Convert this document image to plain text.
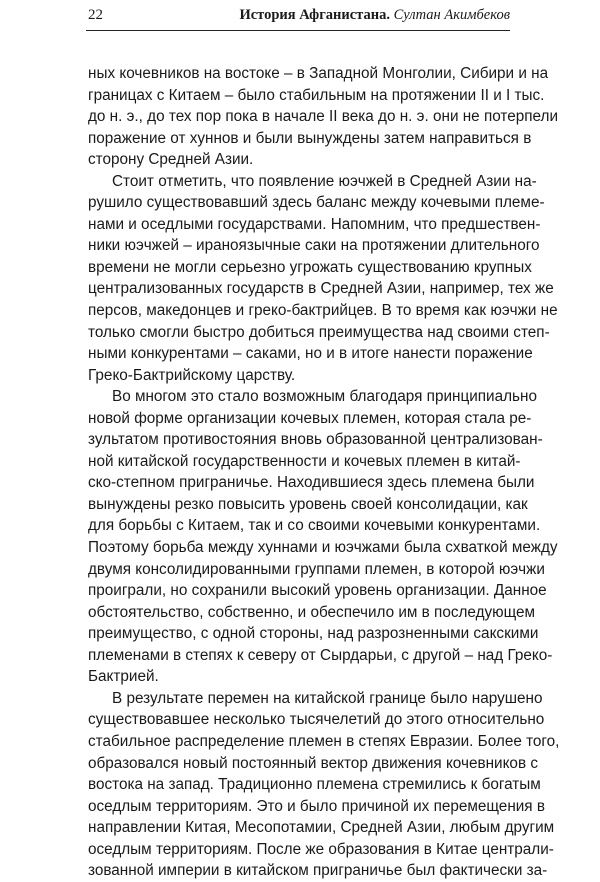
22	История Афганистана. Султан Акимбеков
ных кочевников на востоке – в Западной Монголии, Сибири и на
границах с Китаем – было стабильным на протяжении II и I тыс.
до н. э., до тех пор пока в начале II века до н. э. они не потерпели
поражение от хуннов и были вынуждены затем направиться в
сторону Средней Азии.
Стоит отметить, что появление юэчжей в Средней Азии на-
рушило существовавший здесь баланс между кочевыми племе-
нами и оседлыми государствами. Напомним, что предшествен-
ники юэчжей – ираноязычные саки на протяжении длительного
времени не могли серьезно угрожать существованию крупных
централизованных государств в Средней Азии, например, тех же
персов, македонцев и греко-бактрийцев. В то время как юэчжи не
только смогли быстро добиться преимущества над своими степ-
ными конкурентами – саками, но и в итоге нанести поражение
Греко-Бактрийскому царству.
Во многом это стало возможным благодаря принципиально
новой форме организации кочевых племен, которая стала ре-
зультатом противостояния вновь образованной централизован-
ной китайской государственности и кочевых племен в китай-
ско-степном приграничье. Находившиеся здесь племена были
вынуждены резко повысить уровень своей консолидации, как
для борьбы с Китаем, так и со своими кочевыми конкурентами.
Поэтому борьба между хуннами и юэчжами была схваткой между
двумя консолидированными группами племен, в которой юэчжи
проиграли, но сохранили высокий уровень организации. Данное
обстоятельство, собственно, и обеспечило им в последующем
преимущество, с одной стороны, над разрозненными сакскими
племенами в степях к северу от Сырдарьи, с другой – над Греко-
Бактрией.
В результате перемен на китайской границе было нарушено
существовавшее несколько тысячелетий до этого относительно
стабильное распределение племен в степях Евразии. Более того,
образовался новый постоянный вектор движения кочевников с
востока на запад. Традиционно племена стремились к богатым
оседлым территориям. Это и было причиной их перемещения в
направлении Китая, Месопотамии, Средней Азии, любым другим
оседлым территориям. После же образования в Китае централи-
зованной империи в китайском приграничье был фактически за-
